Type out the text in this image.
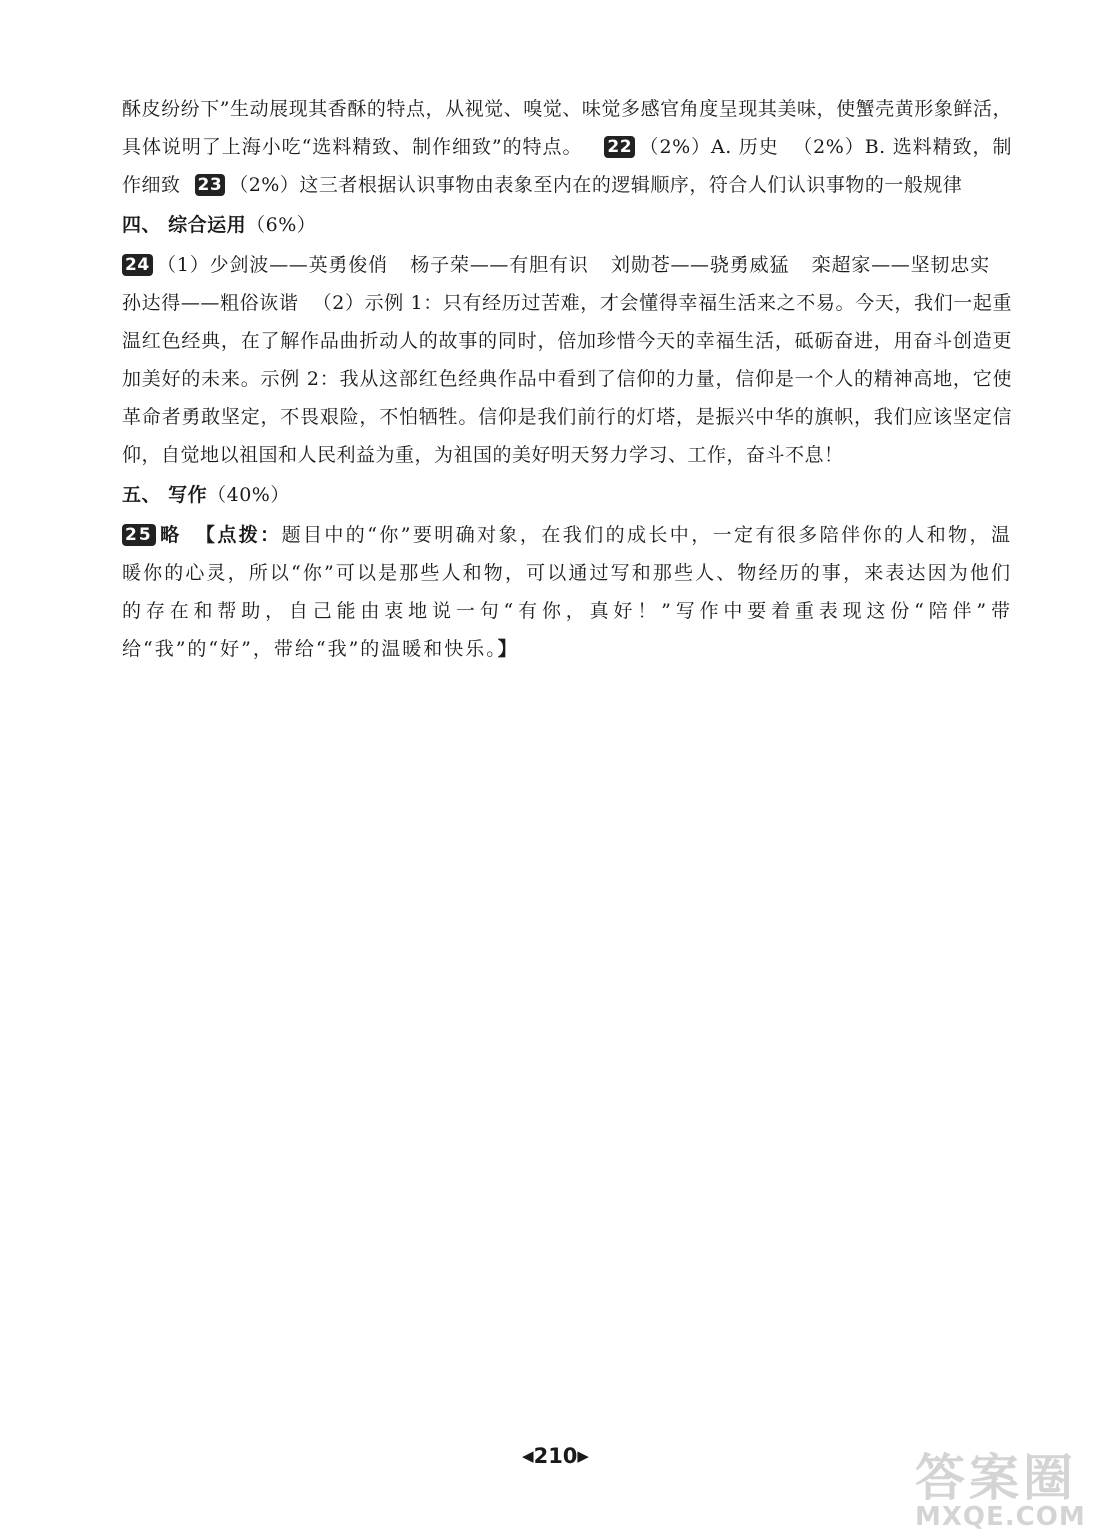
酥皮纷纷下”生动展现其香酥的特点，从视觉、嗅觉、味觉多感官角度呈现其美味，使蟹壳黄形象鲜活，具体说明了上海小吃“选料精致、制作细致”的特点。 22 （2%）A. 历史 （2%）B. 选料精致，制作细致 23 （2%）这三者根据认识事物由表象至内在的逻辑顺序，符合人们认识事物的一般规律

四、 综合运用（6%）

24 （1）少剑波——英勇俊俏 杨子荣——有胆有识 刘勋苍——骁勇威猛 栾超家——坚韧忠实孙达得——粗俗诙谐 （2）示例 1：只有经历过苦难，才会懂得幸福生活来之不易。今天，我们一起重温红色经典，在了解作品曲折动人的故事的同时，倍加珍惜今天的幸福生活，砥砺奋进，用奋斗创造更加美好的未来。示例 2：我从这部红色经典作品中看到了信仰的力量，信仰是一个人的精神高地，它使革命者勇敢坚定，不畏艰险，不怕牺牲。信仰是我们前行的灯塔，是振兴中华的旗帜，我们应该坚定信仰，自觉地以祖国和人民利益为重，为祖国的美好明天努力学习、工作，奋斗不息！

五、 写作（40%）

25 略 【点拨：题目中的“你”要明确对象，在我们的成长中，一定有很多陪伴你的人和物，温暖你的心灵，所以“你”可以是那些人和物，可以通过写和那些人、物经历的事，来表达因为他们的存在和帮助，自己能由衷地说一句“有你，真好！”写作中要着重表现这份“陪伴”带给“我”的“好”，带给“我”的温暖和快乐。】

◀210▶	答案圈
MXQE.COM
